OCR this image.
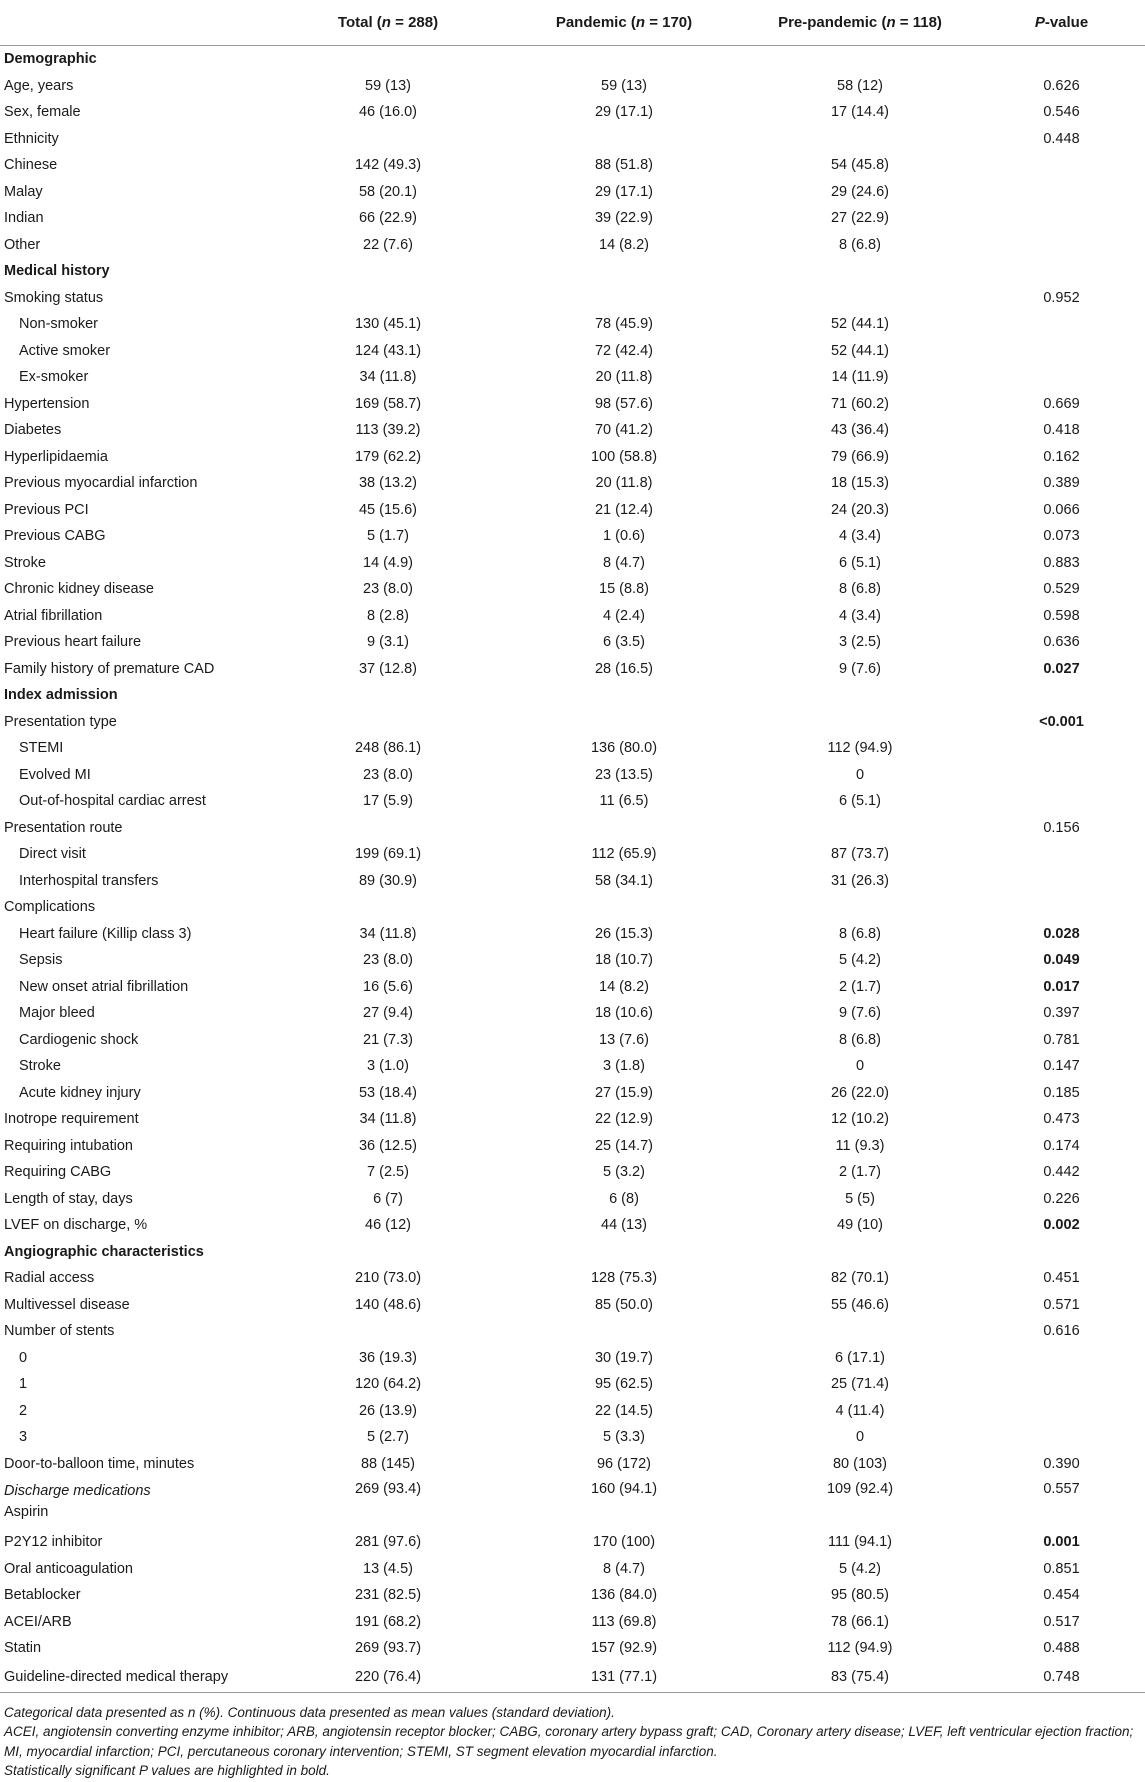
	Total (n = 288)	Pandemic (n = 170)	Pre-pandemic (n = 118)	P-value
Demographic				
Age, years	59 (13)	59 (13)	58 (12)	0.626
Sex, female	46 (16.0)	29 (17.1)	17 (14.4)	0.546
Ethnicity				0.448
Chinese	142 (49.3)	88 (51.8)	54 (45.8)	
Malay	58 (20.1)	29 (17.1)	29 (24.6)	
Indian	66 (22.9)	39 (22.9)	27 (22.9)	
Other	22 (7.6)	14 (8.2)	8 (6.8)	
Medical history				
Smoking status				0.952
Non-smoker	130 (45.1)	78 (45.9)	52 (44.1)	
Active smoker	124 (43.1)	72 (42.4)	52 (44.1)	
Ex-smoker	34 (11.8)	20 (11.8)	14 (11.9)	
Hypertension	169 (58.7)	98 (57.6)	71 (60.2)	0.669
Diabetes	113 (39.2)	70 (41.2)	43 (36.4)	0.418
Hyperlipidaemia	179 (62.2)	100 (58.8)	79 (66.9)	0.162
Previous myocardial infarction	38 (13.2)	20 (11.8)	18 (15.3)	0.389
Previous PCI	45 (15.6)	21 (12.4)	24 (20.3)	0.066
Previous CABG	5 (1.7)	1 (0.6)	4 (3.4)	0.073
Stroke	14 (4.9)	8 (4.7)	6 (5.1)	0.883
Chronic kidney disease	23 (8.0)	15 (8.8)	8 (6.8)	0.529
Atrial fibrillation	8 (2.8)	4 (2.4)	4 (3.4)	0.598
Previous heart failure	9 (3.1)	6 (3.5)	3 (2.5)	0.636
Family history of premature CAD	37 (12.8)	28 (16.5)	9 (7.6)	0.027
Index admission				
Presentation type				<0.001
STEMI	248 (86.1)	136 (80.0)	112 (94.9)	
Evolved MI	23 (8.0)	23 (13.5)	0	
Out-of-hospital cardiac arrest	17 (5.9)	11 (6.5)	6 (5.1)	
Presentation route				0.156
Direct visit	199 (69.1)	112 (65.9)	87 (73.7)	
Interhospital transfers	89 (30.9)	58 (34.1)	31 (26.3)	
Complications				
Heart failure (Killip class 3)	34 (11.8)	26 (15.3)	8 (6.8)	0.028
Sepsis	23 (8.0)	18 (10.7)	5 (4.2)	0.049
New onset atrial fibrillation	16 (5.6)	14 (8.2)	2 (1.7)	0.017
Major bleed	27 (9.4)	18 (10.6)	9 (7.6)	0.397
Cardiogenic shock	21 (7.3)	13 (7.6)	8 (6.8)	0.781
Stroke	3 (1.0)	3 (1.8)	0	0.147
Acute kidney injury	53 (18.4)	27 (15.9)	26 (22.0)	0.185
Inotrope requirement	34 (11.8)	22 (12.9)	12 (10.2)	0.473
Requiring intubation	36 (12.5)	25 (14.7)	11 (9.3)	0.174
Requiring CABG	7 (2.5)	5 (3.2)	2 (1.7)	0.442
Length of stay, days	6 (7)	6 (8)	5 (5)	0.226
LVEF on discharge, %	46 (12)	44 (13)	49 (10)	0.002
Angiographic characteristics				
Radial access	210 (73.0)	128 (75.3)	82 (70.1)	0.451
Multivessel disease	140 (48.6)	85 (50.0)	55 (46.6)	0.571
Number of stents				0.616
0	36 (19.3)	30 (19.7)	6 (17.1)	
1	120 (64.2)	95 (62.5)	25 (71.4)	
2	26 (13.9)	22 (14.5)	4 (11.4)	
3	5 (2.7)	5 (3.3)	0	
Door-to-balloon time, minutes	88 (145)	96 (172)	80 (103)	0.390

Discharge medications
Aspirin	269 (93.4)	160 (94.1)	109 (92.4)	0.557
P2Y12 inhibitor	281 (97.6)	170 (100)	111 (94.1)	0.001
Oral anticoagulation	13 (4.5)	8 (4.7)	5 (4.2)	0.851
Betablocker	231 (82.5)	136 (84.0)	95 (80.5)	0.454
ACEI/ARB	191 (68.2)	113 (69.8)	78 (66.1)	0.517
Statin	269 (93.7)	157 (92.9)	112 (94.9)	0.488
Guideline-directed medical therapy	220 (76.4)	131 (77.1)	83 (75.4)	0.748
Categorical data presented as n (%). Continuous data presented as mean values (standard deviation).
ACEI, angiotensin converting enzyme inhibitor; ARB, angiotensin receptor blocker; CABG, coronary artery bypass graft; CAD, Coronary artery disease; LVEF, left ventricular ejection fraction; MI, myocardial infarction; PCI, percutaneous coronary intervention; STEMI, ST segment elevation myocardial infarction.
Statistically significant P values are highlighted in bold.
